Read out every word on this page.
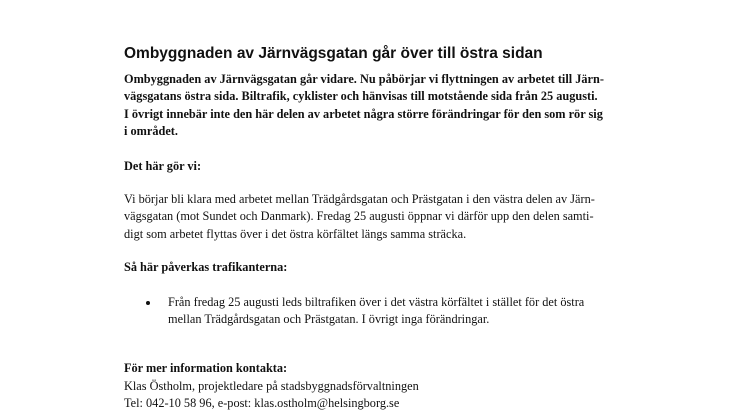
Ombyggnaden av Järnvägsgatan går över till östra sidan
Ombyggnaden av Järnvägsgatan går vidare. Nu påbörjar vi flyttningen av arbetet till Järn-
vägsgatans östra sida. Biltrafik, cyklister och hänvisas till motstående sida från 25 augusti.
I övrigt innebär inte den här delen av arbetet några större förändringar för den som rör sig
i området.
Det här gör vi:
Vi börjar bli klara med arbetet mellan Trädgårdsgatan och Prästgatan i den västra delen av Järn-
vägsgatan (mot Sundet och Danmark). Fredag 25 augusti öppnar vi därför upp den delen samti-
digt som arbetet flyttas över i det östra körfältet längs samma sträcka.
Så här påverkas trafikanterna:
Från fredag 25 augusti leds biltrafiken över i det västra körfältet i stället för det östra
mellan Trädgårdsgatan och Prästgatan. I övrigt inga förändringar.
För mer information kontakta:
Klas Östholm, projektledare på stadsbyggnadsförvaltningen
Tel: 042-10 58 96, e-post: klas.ostholm@helsingborg.se
